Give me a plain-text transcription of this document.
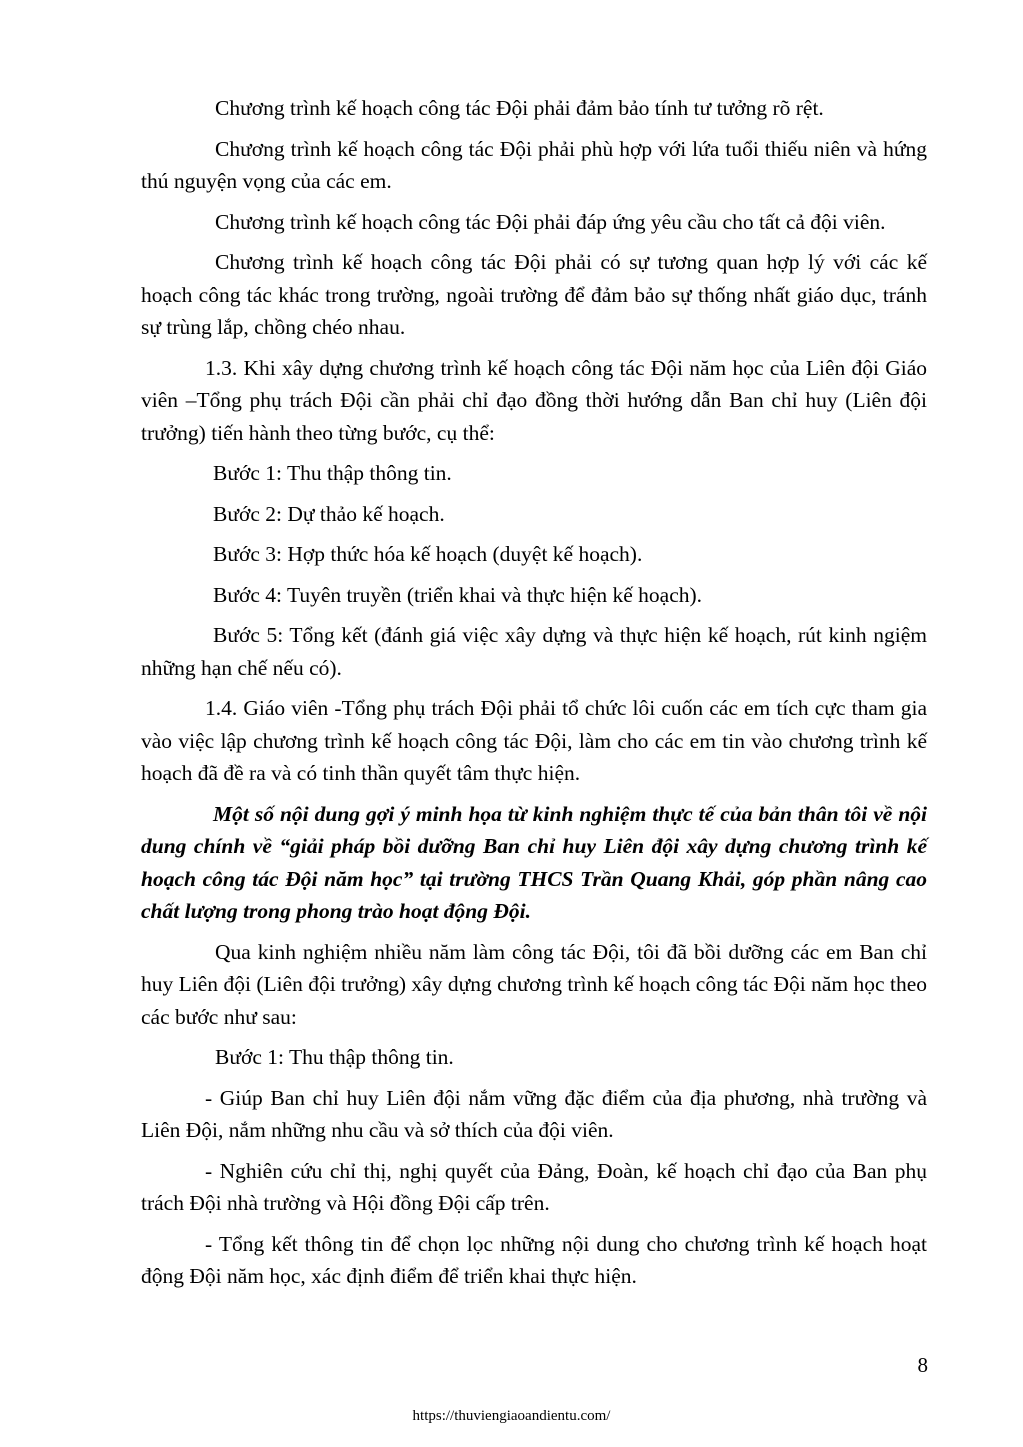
Chương trình kế hoạch công tác Đội phải đảm bảo tính tư tưởng rõ rệt.

Chương trình kế hoạch công tác Đội phải phù hợp với lứa tuổi thiếu niên và hứng thú nguyện vọng của các em.

Chương trình kế hoạch công tác Đội phải đáp ứng yêu cầu cho tất cả đội viên.

Chương trình kế hoạch công tác Đội phải có sự tương quan hợp lý với các kế hoạch công tác khác trong trường, ngoài trường để đảm bảo sự thống nhất giáo dục, tránh sự trùng lắp, chồng chéo nhau.

1.3. Khi xây dựng chương trình kế hoạch công tác Đội năm học của Liên đội Giáo viên –Tổng phụ trách Đội cần phải chỉ đạo đồng thời hướng dẫn Ban chỉ huy (Liên đội trưởng) tiến hành theo từng bước, cụ thể:

Bước 1: Thu thập thông tin.

Bước 2: Dự thảo kế hoạch.

Bước 3: Hợp thức hóa kế hoạch (duyệt kế hoạch).

Bước 4: Tuyên truyền (triển khai và thực hiện kế hoạch).

Bước 5: Tổng kết (đánh giá việc xây dựng và thực hiện kế hoạch, rút kinh ngiệm những hạn chế nếu có).

1.4. Giáo viên -Tổng phụ trách Đội phải tổ chức lôi cuốn các em tích cực tham gia vào việc lập chương trình kế hoạch công tác Đội, làm cho các em tin vào chương trình kế hoạch đã đề ra và có tinh thần quyết tâm thực hiện.

Một số nội dung gợi ý minh họa từ kinh nghiệm thực tế của bản thân tôi về nội dung chính về “giải pháp bồi dưỡng Ban chỉ huy Liên đội xây dựng chương trình kế hoạch công tác Đội năm học” tại trường THCS Trần Quang Khải, góp phần nâng cao chất lượng trong phong trào hoạt động Đội.

Qua kinh nghiệm nhiều năm làm công tác Đội, tôi đã bồi dưỡng các em Ban chỉ huy Liên đội (Liên đội trưởng) xây dựng chương trình kế hoạch công tác Đội năm học theo các bước như sau:

Bước 1: Thu thập thông tin.

- Giúp Ban chỉ huy Liên đội nắm vững đặc điểm của địa phương, nhà trường và Liên Đội, nắm những nhu cầu và sở thích của đội viên.

- Nghiên cứu chỉ thị, nghị quyết của Đảng, Đoàn, kế hoạch chỉ đạo của Ban phụ trách Đội nhà trường và Hội đồng Đội cấp trên.

- Tổng kết thông tin để chọn lọc những nội dung cho chương trình kế hoạch hoạt động Đội năm học, xác định điểm để triển khai thực hiện.

8
https://thuviengiaoandientu.com/
